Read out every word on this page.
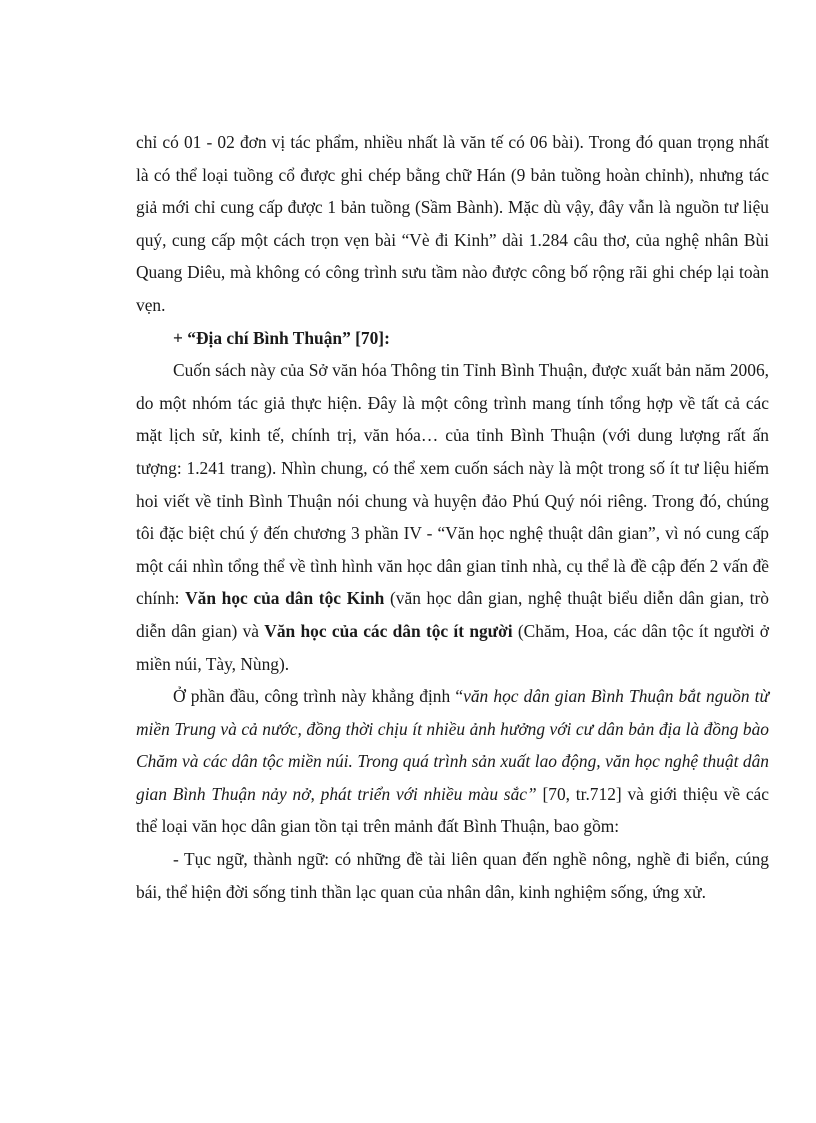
chỉ có 01 - 02 đơn vị tác phẩm, nhiều nhất là văn tế có 06 bài). Trong đó quan trọng nhất là có thể loại tuồng cổ được ghi chép bằng chữ Hán (9 bản tuồng hoàn chỉnh), nhưng tác giả mới chỉ cung cấp được 1 bản tuồng (Sầm Bành). Mặc dù vậy, đây vẫn là nguồn tư liệu quý, cung cấp một cách trọn vẹn bài “Vè đi Kinh” dài 1.284 câu thơ, của nghệ nhân Bùi Quang Diêu, mà không có công trình sưu tầm nào được công bố rộng rãi ghi chép lại toàn vẹn.

+ “Địa chí Bình Thuận” [70]:

Cuốn sách này của Sở văn hóa Thông tin Tỉnh Bình Thuận, được xuất bản năm 2006, do một nhóm tác giả thực hiện. Đây là một công trình mang tính tổng hợp về tất cả các mặt lịch sử, kinh tế, chính trị, văn hóa… của tỉnh Bình Thuận (với dung lượng rất ấn tượng: 1.241 trang). Nhìn chung, có thể xem cuốn sách này là một trong số ít tư liệu hiếm hoi viết về tỉnh Bình Thuận nói chung và huyện đảo Phú Quý nói riêng. Trong đó, chúng tôi đặc biệt chú ý đến chương 3 phần IV - “Văn học nghệ thuật dân gian”, vì nó cung cấp một cái nhìn tổng thể về tình hình văn học dân gian tỉnh nhà, cụ thể là đề cập đến 2 vấn đề chính: Văn học của dân tộc Kinh (văn học dân gian, nghệ thuật biểu diễn dân gian, trò diễn dân gian) và Văn học của các dân tộc ít người (Chăm, Hoa, các dân tộc ít người ở miền núi, Tày, Nùng).

Ở phần đầu, công trình này khẳng định “văn học dân gian Bình Thuận bắt nguồn từ miền Trung và cả nước, đồng thời chịu ít nhiều ảnh hưởng với cư dân bản địa là đồng bào Chăm và các dân tộc miền núi. Trong quá trình sản xuất lao động, văn học nghệ thuật dân gian Bình Thuận nảy nở, phát triển với nhiều màu sắc” [70, tr.712] và giới thiệu về các thể loại văn học dân gian tồn tại trên mảnh đất Bình Thuận, bao gồm:

- Tục ngữ, thành ngữ: có những đề tài liên quan đến nghề nông, nghề đi biển, cúng bái, thể hiện đời sống tinh thần lạc quan của nhân dân, kinh nghiệm sống, ứng xử.
